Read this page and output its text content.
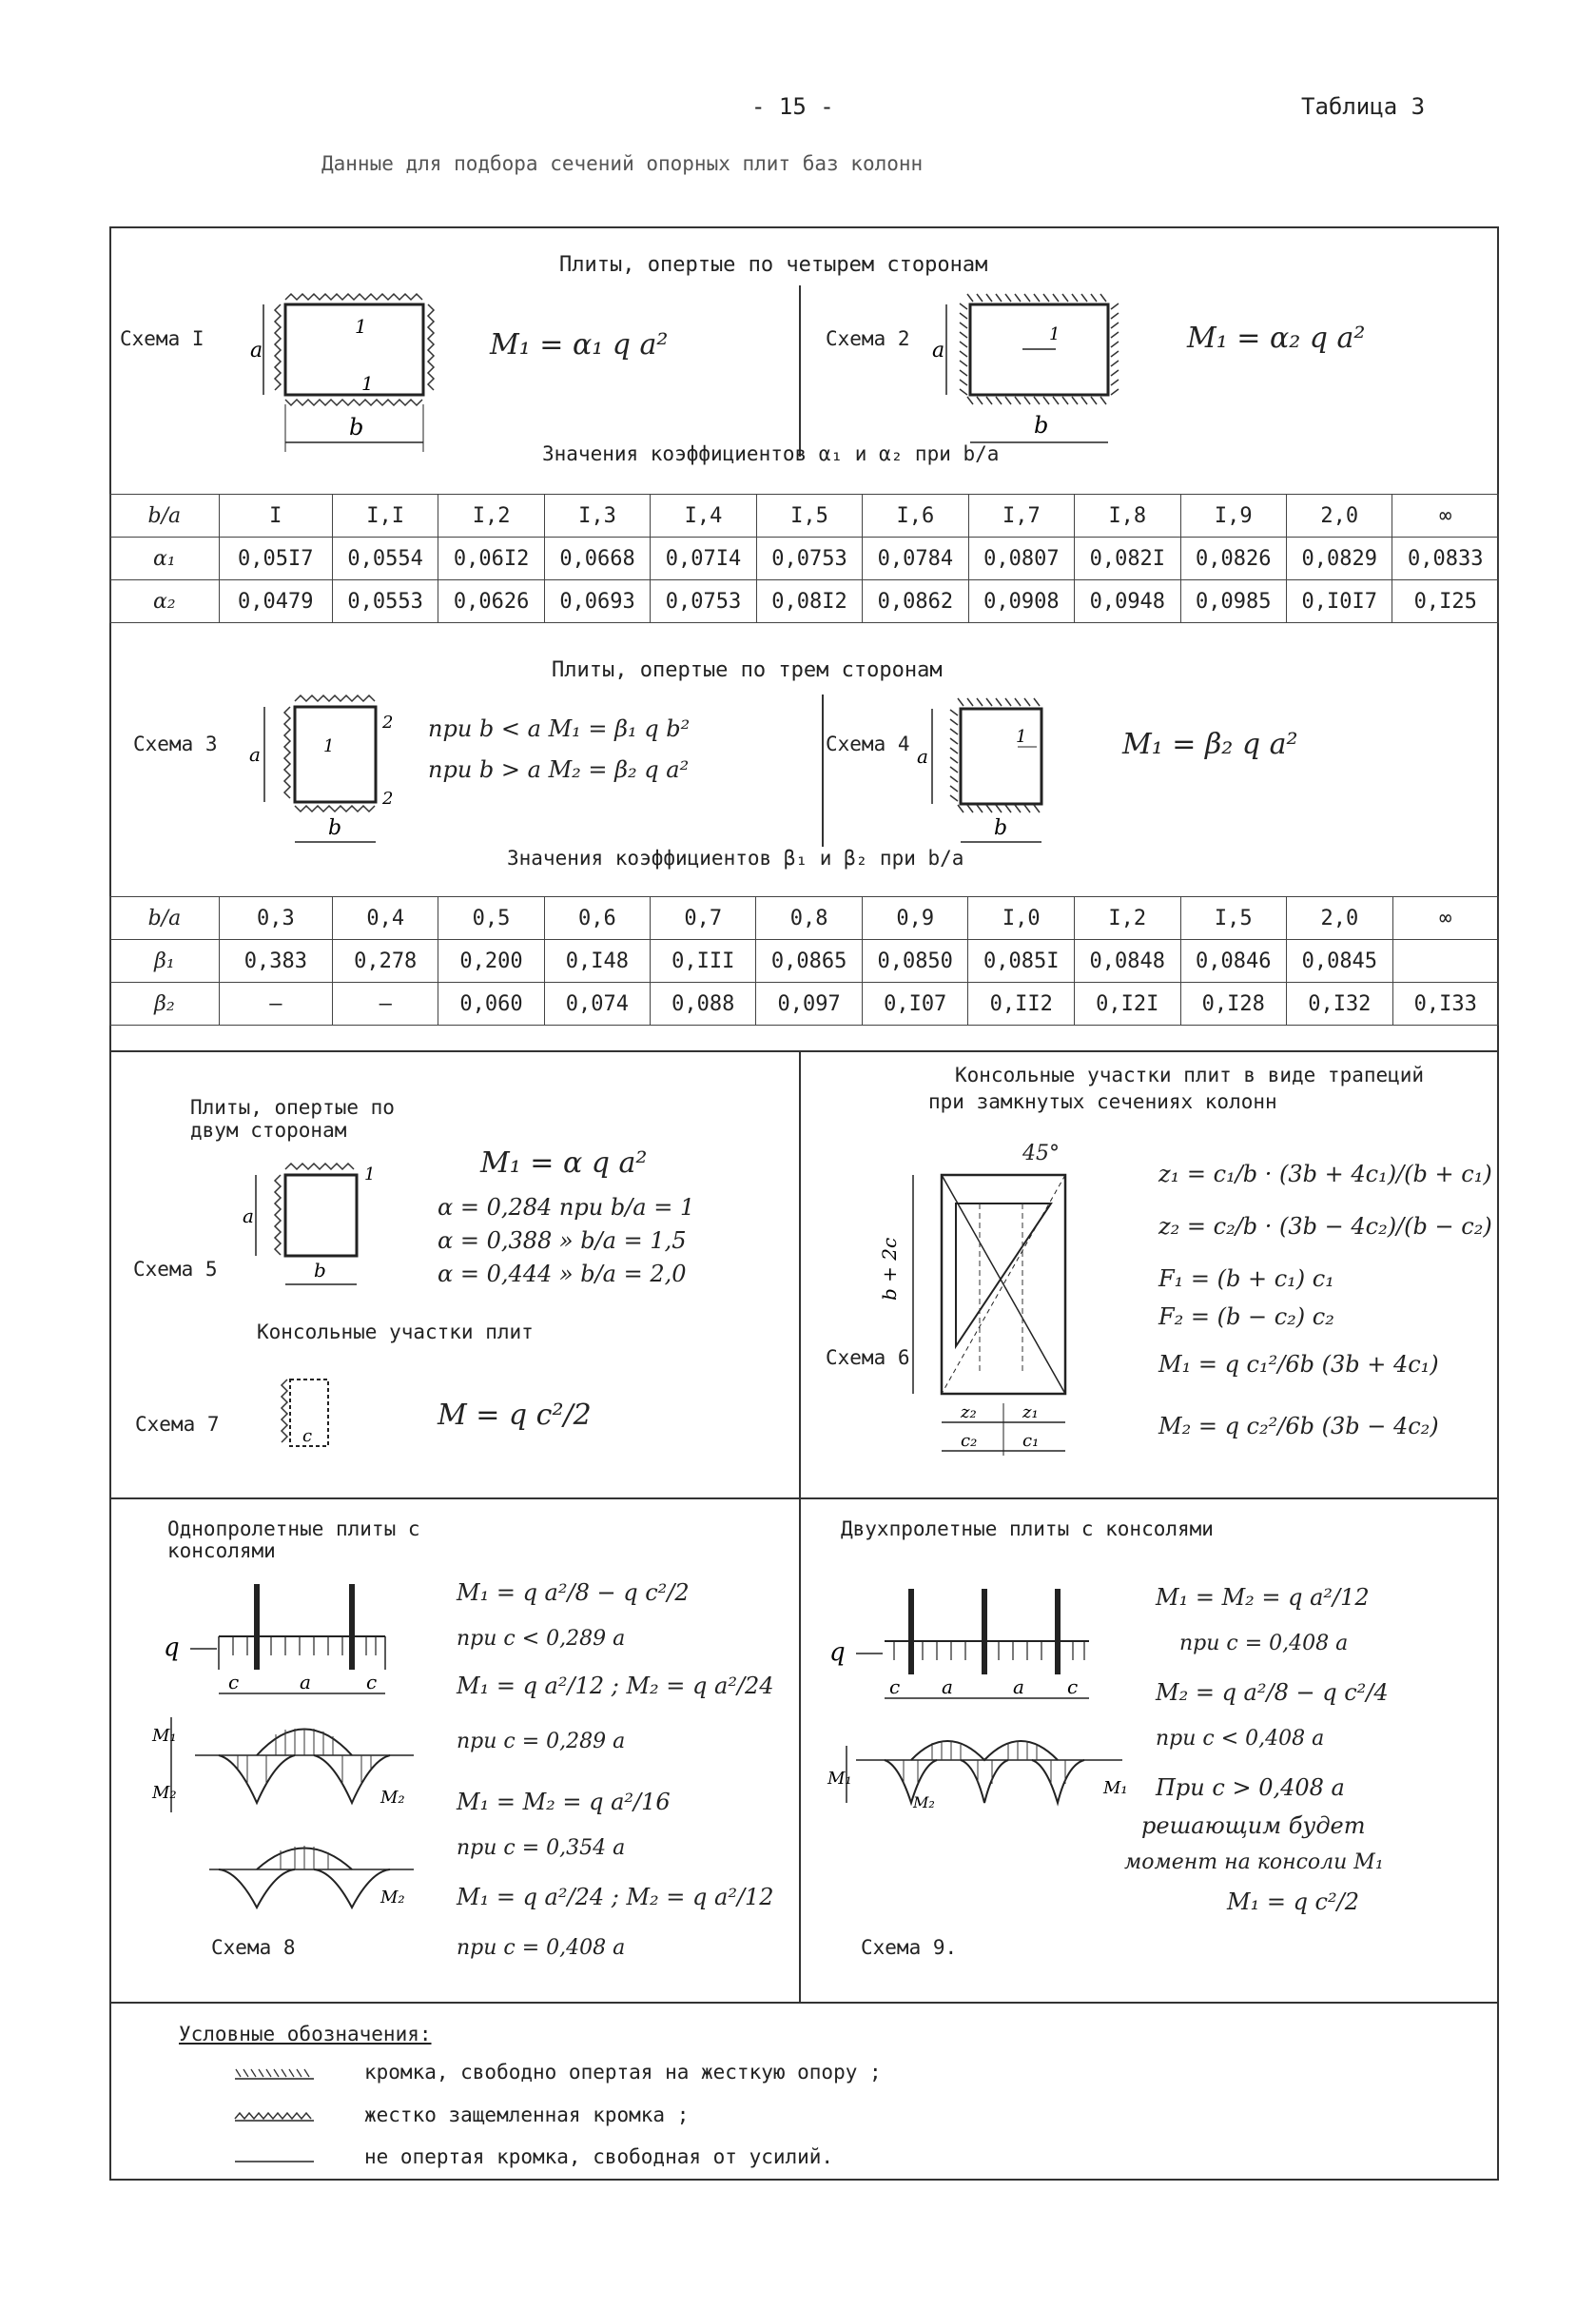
- 15 -	Таблица 3
Данные для подбора сечений опорных плит баз колонн
Плиты, опертые по четырем сторонам
Схема I a
b
1
1
M₁ = α₁ q a²	Схема 2 a
b
1	M₁ = α₂ q a²
Значения коэффициентов α₁ и α₂ при b/a
b/a	I	I,I	I,2	I,3	I,4	I,5	I,6	I,7	I,8	I,9	2,0	∞
α₁	0,05I7	0,0554	0,06I2	0,0668	0,07I4	0,0753	0,0784	0,0807	0,082I	0,0826	0,0829	0,0833
α₂	0,0479	0,0553	0,0626	0,0693	0,0753	0,08I2	0,0862	0,0908	0,0948	0,0985	0,I0I7	0,I25
Плиты, опертые по трем сторонам
Схема 3 a
b
1
2
2
при b < a M₁ = β₁ q b²
при b > a M₂ = β₂ q a²
Схема 4
a
b
1	M₁ = β₂ q a²
Значения коэффициентов β₁ и β₂ при b/a
b/a	0,3	0,4	0,5	0,6	0,7	0,8	0,9	I,0	I,2	I,5	2,0	∞
β₁	0,383	0,278	0,200	0,I48	0,III	0,0865	0,0850	0,085I	0,0848	0,0846	0,0845	
β₂	–	–	0,060	0,074	0,088	0,097	0,I07	0,II2	0,I2I	0,I28	0,I32	0,I33
Плиты, опертые по
двум сторонам
a
b
1
Схема 5
M₁ = α q a²
α = 0,284 при b/a = 1
α = 0,388 » b/a = 1,5
α = 0,444 » b/a = 2,0
Консольные участки плит
c
Схема 7	M = q c²/2
Консольные участки плит в виде трапеций
при замкнутых сечениях колонн
b + 2c
z₂	z₁
c₂	c₁
45°
Схема 6
z₁ = c₁/b · (3b + 4c₁)/(b + c₁)
z₂ = c₂/b · (3b − 4c₂)/(b − c₂)
F₁ = (b + c₁) c₁
F₂ = (b − c₂) c₂
M₁ = q c₁²/6b (3b + 4c₁)
M₂ = q c₂²/6b (3b − 4c₂)
Однопролетные плиты с
консолями
q
c	a	c
M₁
M₂	M₂
M₂
Схема 8
M₁ = q a²/8 − q c²/2
при c < 0,289 a
M₁ = q a²/12 ; M₂ = q a²/24
при c = 0,289 a
M₁ = M₂ = q a²/16
при c = 0,354 a
M₁ = q a²/24 ; M₂ = q a²/12
при c = 0,408 a
Двухпролетные плиты с консолями
q
c a	a c
M₁
M₂
M₁
Схема 9.
M₁ = M₂ = q a²/12
при c = 0,408 a
M₂ = q a²/8 − q c²/4
при c < 0,408 a
При c > 0,408 a
решающим будет
момент на консоли M₁
M₁ = q c²/2
Условные обозначения:
кромка, свободно опертая на жесткую опору ;
жестко защемленная кромка ;
не опертая кромка, свободная от усилий.
